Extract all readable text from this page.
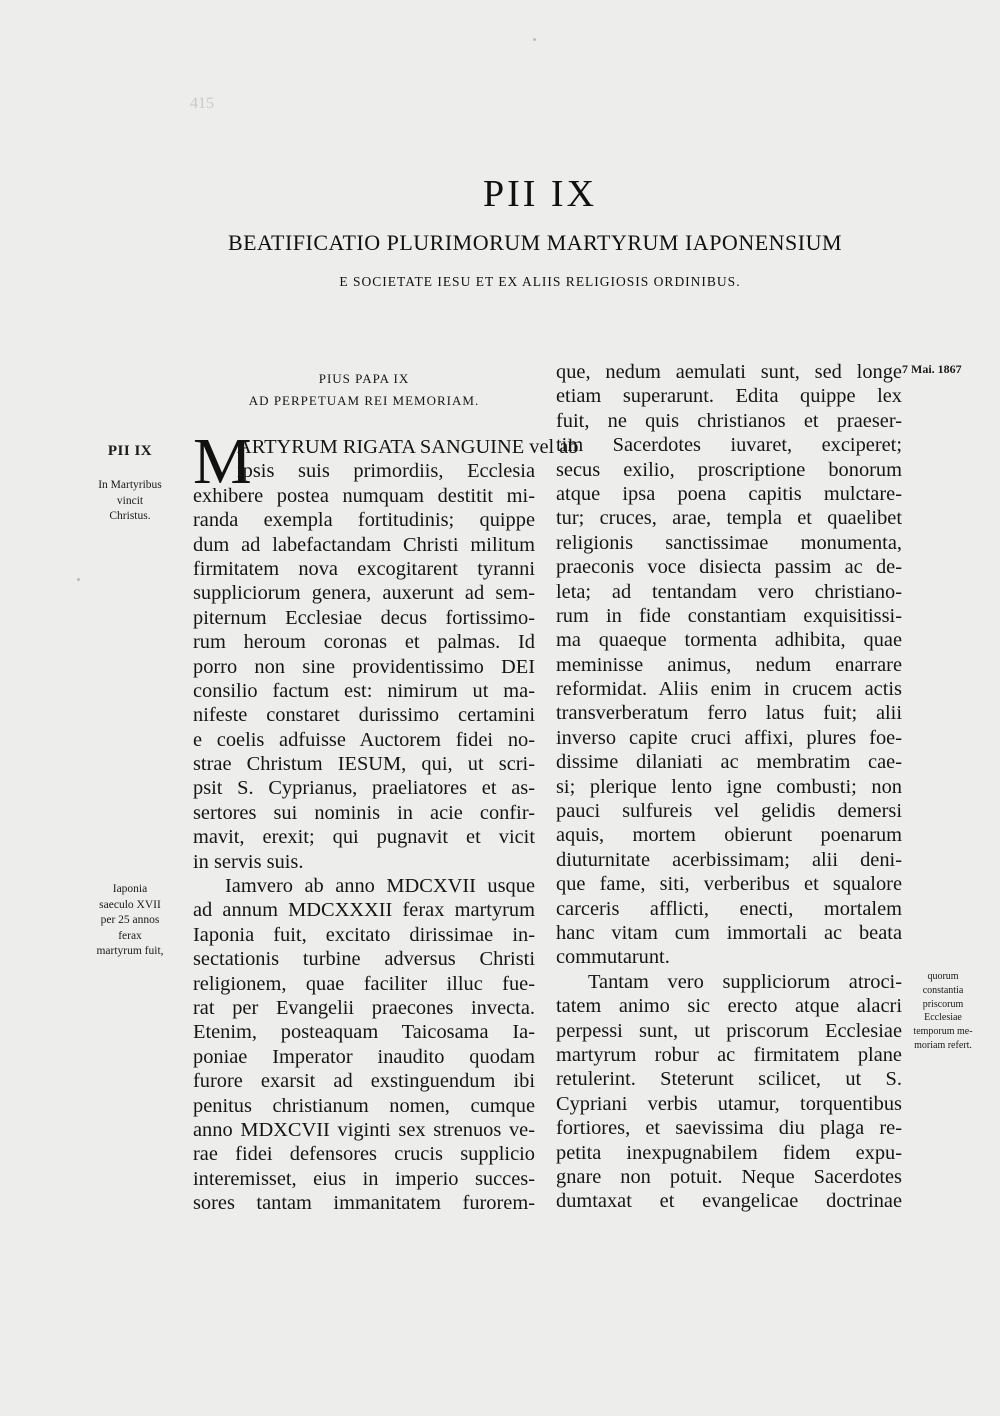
415
PII IX
BEATIFICATIO PLURIMORUM MARTYRUM IAPONENSIUM
E SOCIETATE IESU ET EX ALIIS RELIGIOSIS ORDINIBUS.
PIUS PAPA IX
AD PERPETUAM REI MEMORIAM.
M
ARTYRUM RIGATA SANGUINE vel ab
ipsis suis primordiis, Ecclesia
exhibere postea numquam destitit mi-
randa exempla fortitudinis; quippe
dum ad labefactandam Christi militum
firmitatem nova excogitarent tyranni
suppliciorum genera, auxerunt ad sem-
piternum Ecclesiae decus fortissimo-
rum heroum coronas et palmas. Id
porro non sine providentissimo DEI
consilio factum est: nimirum ut ma-
nifeste constaret durissimo certamini
e coelis adfuisse Auctorem fidei no-
strae Christum IESUM, qui, ut scri-
psit S. Cyprianus, praeliatores et as-
sertores sui nominis in acie confir-
mavit, erexit; qui pugnavit et vicit
in servis suis.
Iamvero ab anno MDCXVII usque
ad annum MDCXXXII ferax martyrum
Iaponia fuit, excitato dirissimae in-
sectationis turbine adversus Christi
religionem, quae faciliter illuc fue-
rat per Evangelii praecones invecta.
Etenim, posteaquam Taicosama Ia-
poniae Imperator inaudito quodam
furore exarsit ad exstinguendum ibi
penitus christianum nomen, cumque
anno MDXCVII viginti sex strenuos ve-
rae fidei defensores crucis supplicio
interemisset, eius in imperio succes-
sores tantam immanitatem furorem-
que, nedum aemulati sunt, sed longe
etiam superarunt. Edita quippe lex
fuit, ne quis christianos et praeser-
tim Sacerdotes iuvaret, exciperet;
secus exilio, proscriptione bonorum
atque ipsa poena capitis mulctare-
tur; cruces, arae, templa et quaelibet
religionis sanctissimae monumenta,
praeconis voce disiecta passim ac de-
leta; ad tentandam vero christiano-
rum in fide constantiam exquisitissi-
ma quaeque tormenta adhibita, quae
meminisse animus, nedum enarrare
reformidat. Aliis enim in crucem actis
transverberatum ferro latus fuit; alii
inverso capite cruci affixi, plures foe-
dissime dilaniati ac membratim cae-
si; plerique lento igne combusti; non
pauci sulfureis vel gelidis demersi
aquis, mortem obierunt poenarum
diuturnitate acerbissimam; alii deni-
que fame, siti, verberibus et squalore
carceris afflicti, enecti, mortalem
hanc vitam cum immortali ac beata
commutarunt.
Tantam vero suppliciorum atroci-
tatem animo sic erecto atque alacri
perpessi sunt, ut priscorum Ecclesiae
martyrum robur ac firmitatem plane
retulerint. Steterunt scilicet, ut S.
Cypriani verbis utamur, torquentibus
fortiores, et saevissima diu plaga re-
petita inexpugnabilem fidem expu-
gnare non potuit. Neque Sacerdotes
dumtaxat et evangelicae doctrinae
PII IX
In Martyribus
vincit
Christus.
Iaponia
saeculo XVII
per 25 annos
ferax
martyrum fuit,
7 Mai. 1867
quorum
constantia
priscorum
Ecclesiae
temporum me-
moriam refert.
